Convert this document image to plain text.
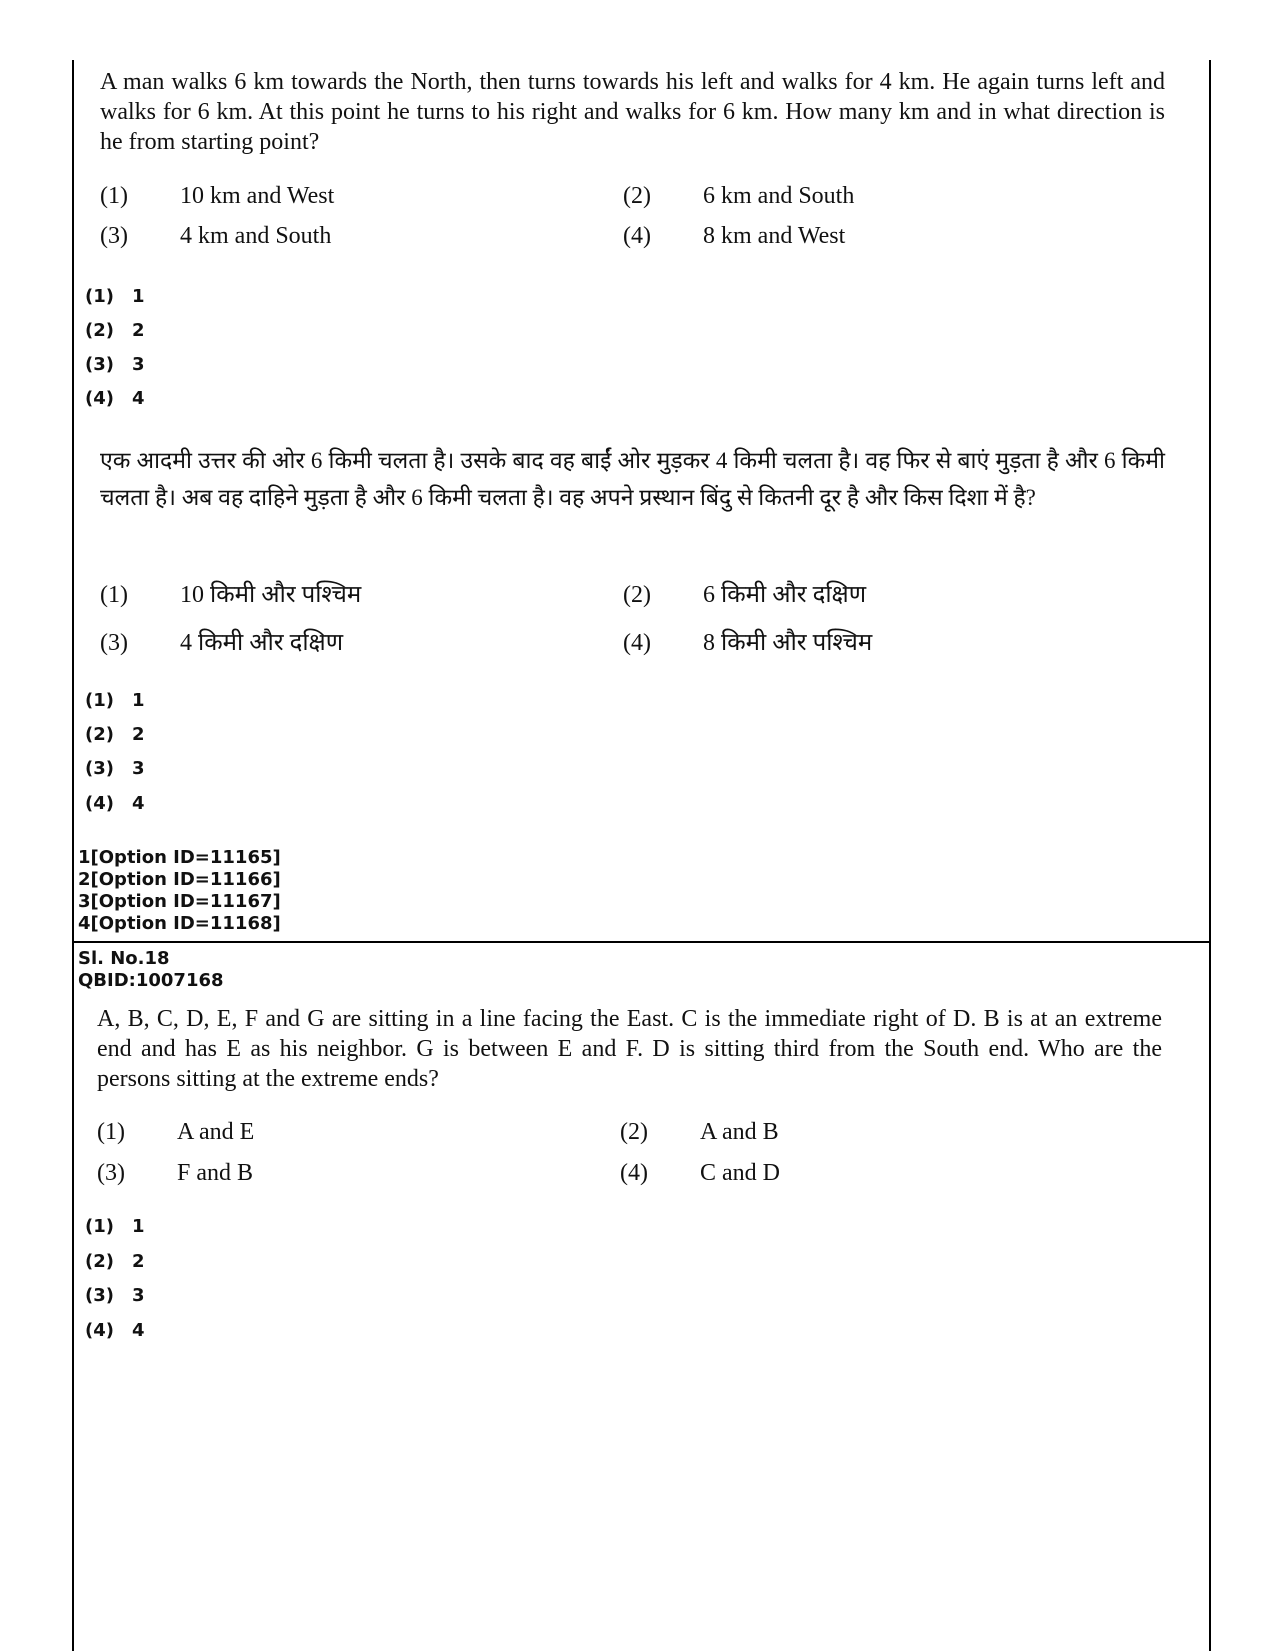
A man walks 6 km towards the North, then turns towards his left and walks for 4 km. He again turns left and walks for 6 km. At this point he turns to his right and walks for 6 km. How many km and in what direction is he from starting point?
(1) 10 km and West	(2) 6 km and South
(3) 4 km and South	(4) 8 km and West
(1) 1
(2) 2
(3) 3
(4) 4
एक आदमी उत्तर की ओर 6 किमी चलता है। उसके बाद वह बाईं ओर मुड़कर 4 किमी चलता है। वह फिर से बाएं मुड़ता है और 6 किमी चलता है। अब वह दाहिने मुड़ता है और 6 किमी चलता है। वह अपने प्रस्थान बिंदु से कितनी दूर है और किस दिशा में है?
(1) 10 किमी और पश्चिम	(2) 6 किमी और दक्षिण
(3) 4 किमी और दक्षिण	(4) 8 किमी और पश्चिम
(1) 1
(2) 2
(3) 3
(4) 4
1[Option ID=11165]
2[Option ID=11166]
3[Option ID=11167]
4[Option ID=11168]
Sl. No.18
QBID:1007168
A, B, C, D, E, F and G are sitting in a line facing the East. C is the immediate right of D. B is at an extreme end and has E as his neighbor. G is between E and F. D is sitting third from the South end. Who are the persons sitting at the extreme ends?
(1) A and E	(2) A and B
(3) F and B	(4) C and D
(1) 1
(2) 2
(3) 3
(4) 4
